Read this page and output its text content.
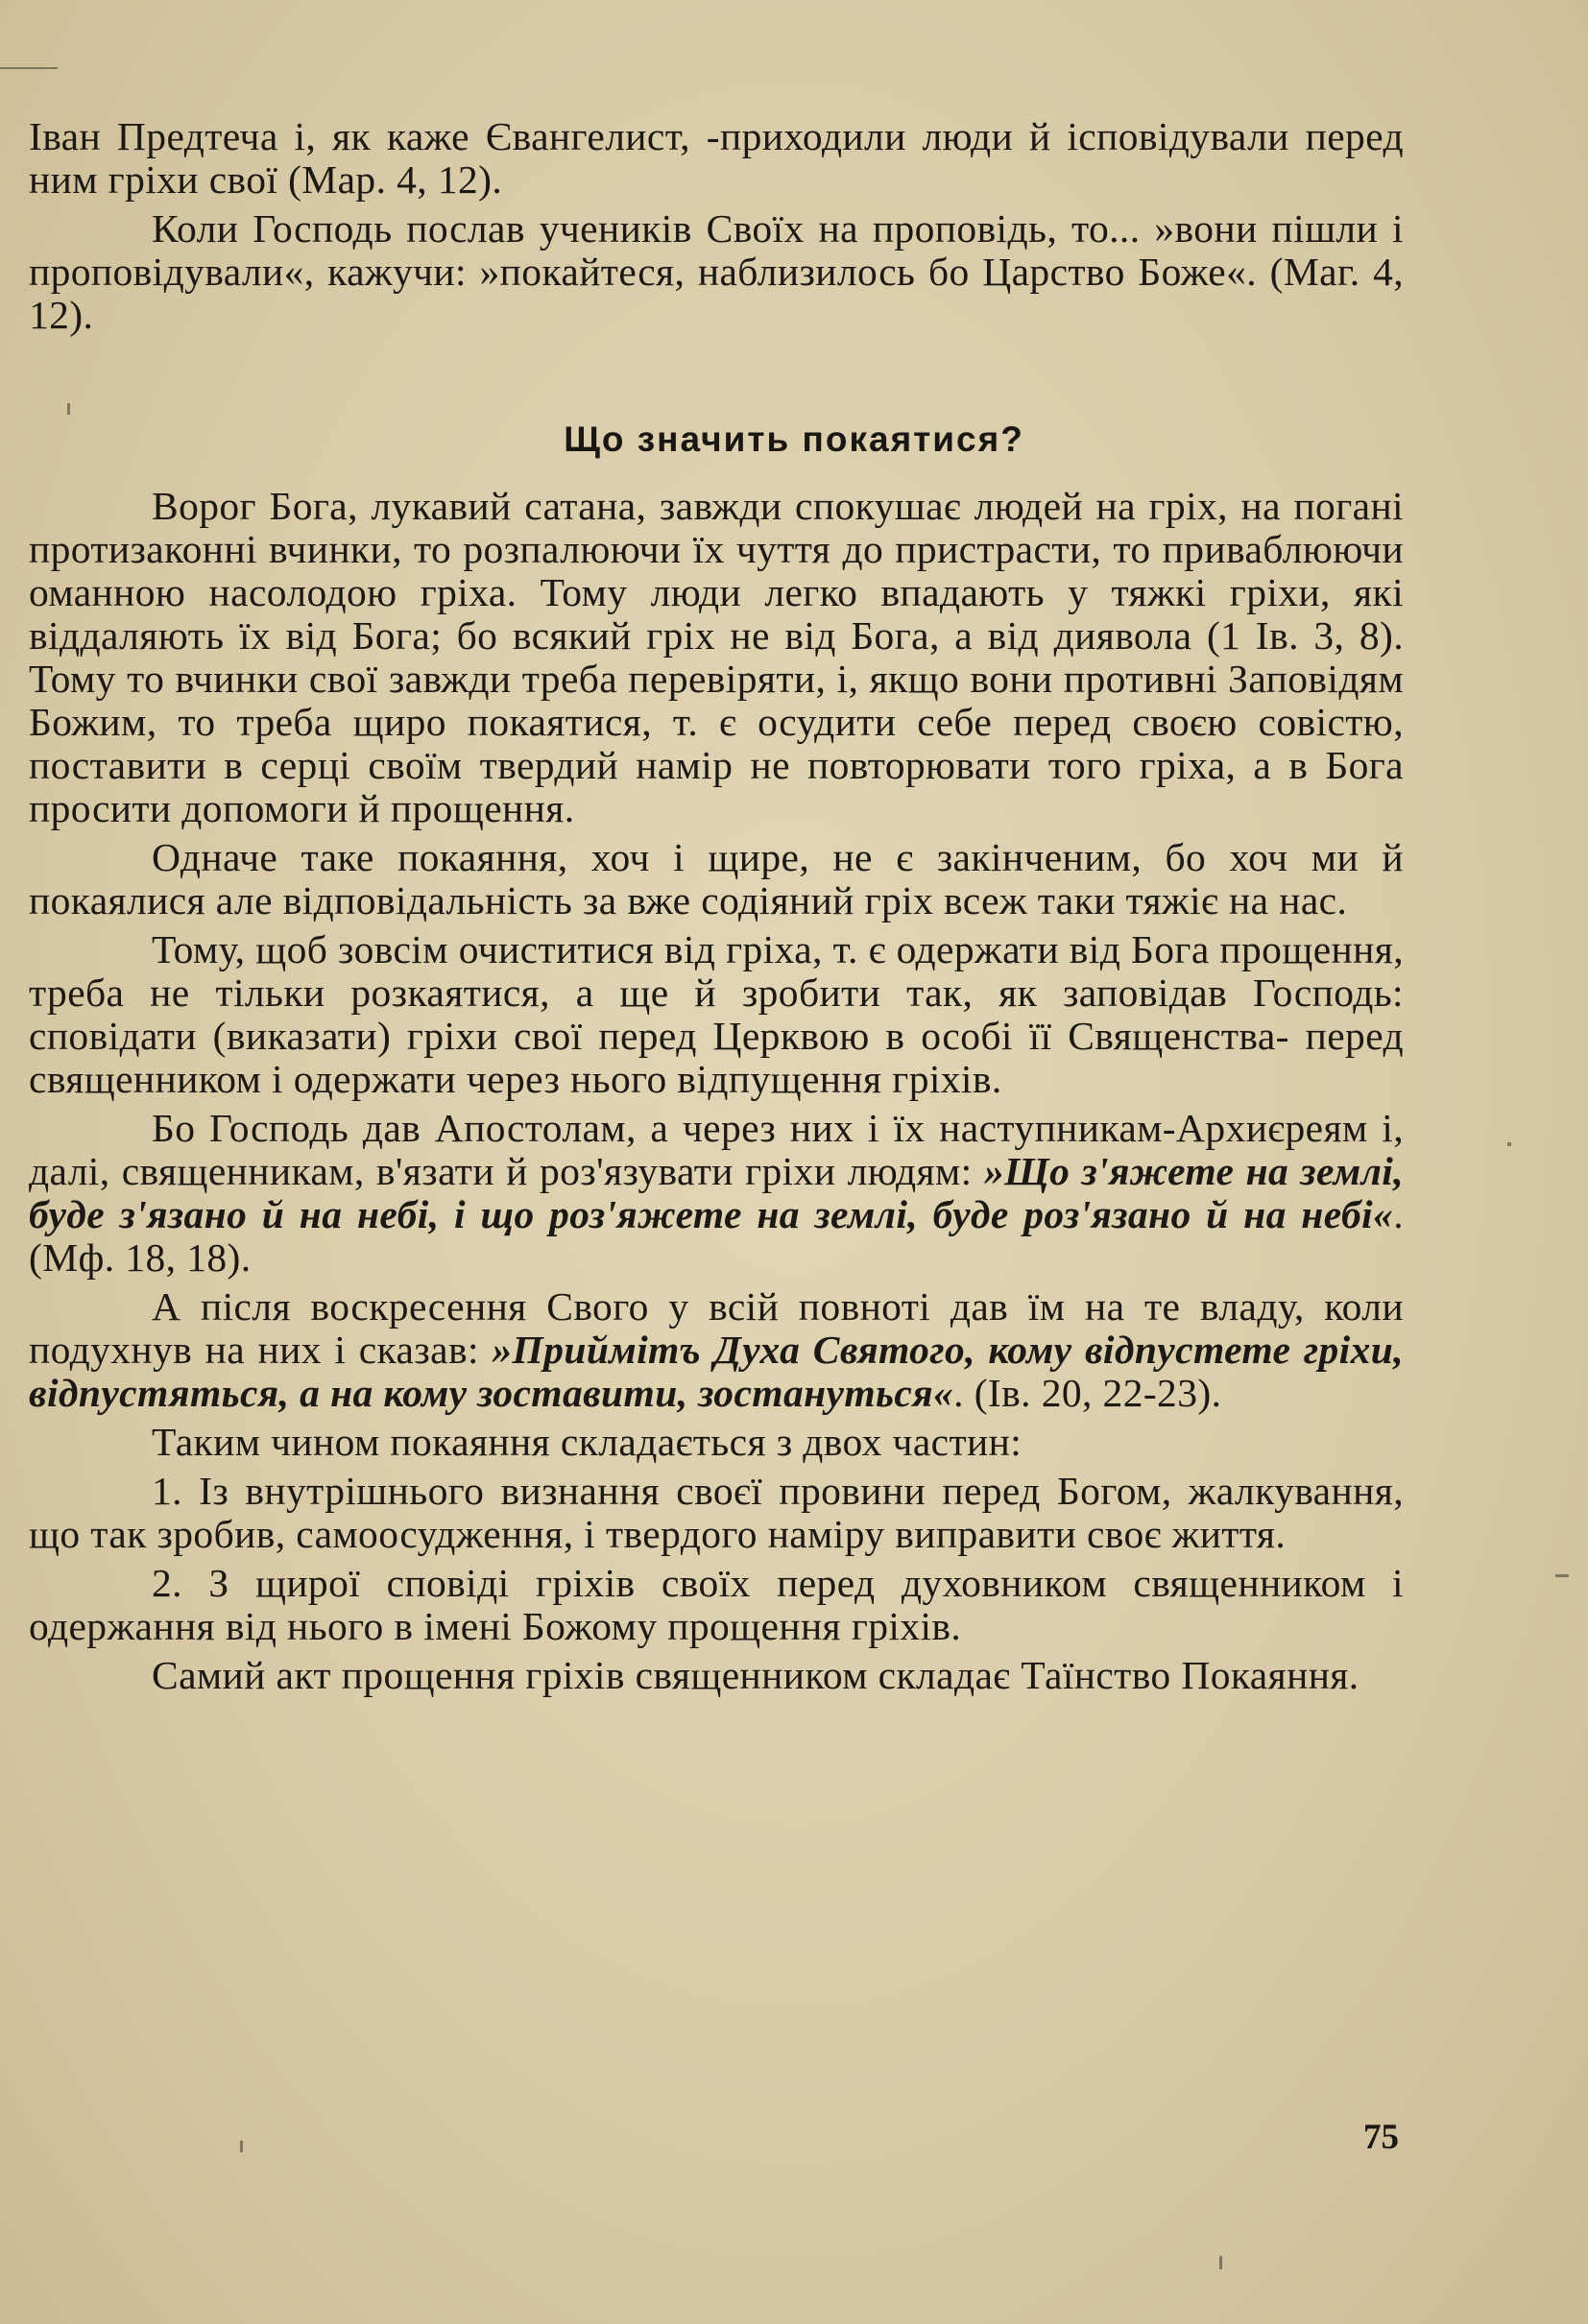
Іван Предтеча і, як каже Євангелист, -приходили люди й ісповідували перед ним гріхи свої (Мар. 4, 12).

Коли Господь послав учеників Своїх на проповідь, то... »вони пішли і проповідували«, кажучи: »покайтеся, наблизилось бо Царство Боже«. (Маг. 4, 12).

Що значить покаятися?

Ворог Бога, лукавий сатана, завжди спокушає людей на гріх, на погані протизаконні вчинки, то розпалюючи їх чуття до пристрасти, то приваблюючи оманною насолодою гріха. Тому люди легко впадають у тяжкі гріхи, які віддаляють їх від Бога; бо всякий гріх не від Бога, а від диявола (1 Ів. 3, 8). Тому то вчинки свої завжди треба перевіряти, і, якщо вони противні Заповідям Божим, то треба щиро покаятися, т. є осудити себе перед своєю совістю, поставити в серці своїм твердий намір не повторювати того гріха, а в Бога просити допомоги й прощення.

Одначе таке покаяння, хоч і щире, не є закінченим, бо хоч ми й покаялися але відповідальність за вже содіяний гріх всеж таки тяжіє на нас.

Тому, щоб зовсім очиститися від гріха, т. є одержати від Бога прощення, треба не тільки розкаятися, а ще й зробити так, як заповідав Господь: сповідати (виказати) гріхи свої перед Церквою в особі її Священства- перед священником і одержати через нього відпущення гріхів.

Бо Господь дав Апостолам, а через них і їх наступникам-Архиєреям і, далі, священникам, в'язати й роз'язувати гріхи людям: »Що з'яжете на землі, буде з'язано й на небі, і що роз'яжете на землі, буде роз'язано й на небі«. (Мф. 18, 18).

А після воскресення Свого у всій повноті дав їм на те владу, коли подухнув на них і сказав: »Приймітъ Духа Святого, кому відпустете гріхи, відпустяться, а на кому зоставити, зостануться«. (Ів. 20, 22-23).

Таким чином покаяння складається з двох частин:

1. Із внутрішнього визнання своєї провини перед Богом, жалкування, що так зробив, самоосудження, і твердого наміру виправити своє життя.

2. З щирої сповіді гріхів своїх перед духовником священником і одержання від нього в імені Божому прощення гріхів.

Самий акт прощення гріхів священником складає Таїнство Покаяння.

75
